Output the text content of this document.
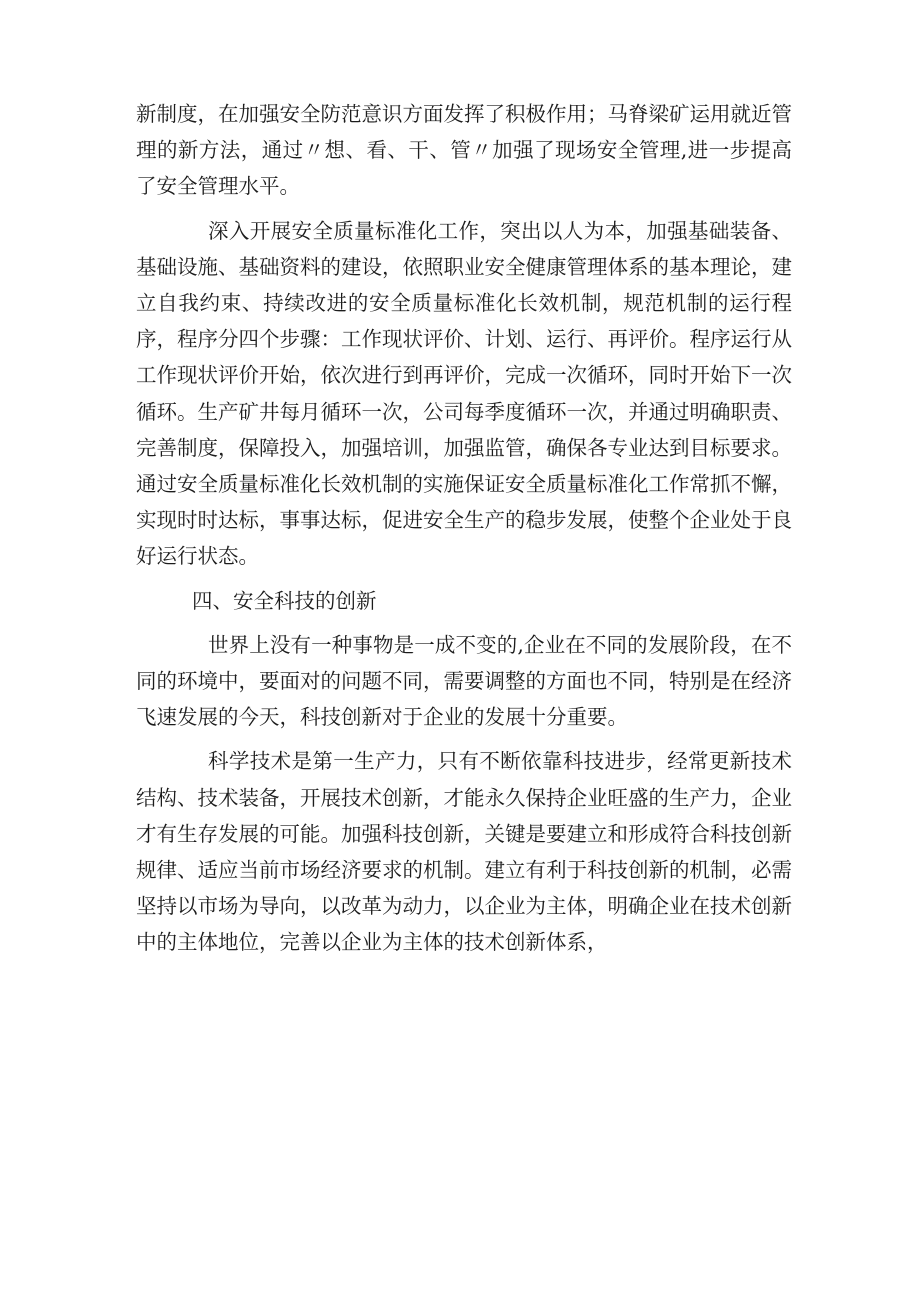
新制度，在加强安全防范意识方面发挥了积极作用；马脊梁矿运用就近管理的新方法，通过〃想、看、干、管〃加强了现场安全管理,进一步提高了安全管理水平。

深入开展安全质量标准化工作，突出以人为本，加强基础装备、基础设施、基础资料的建设，依照职业安全健康管理体系的基本理论，建立自我约束、持续改进的安全质量标准化长效机制，规范机制的运行程序，程序分四个步骤：工作现状评价、计划、运行、再评价。程序运行从工作现状评价开始，依次进行到再评价，完成一次循环，同时开始下一次循环。生产矿井每月循环一次，公司每季度循环一次，并通过明确职责、完善制度，保障投入，加强培训，加强监管，确保各专业达到目标要求。通过安全质量标准化长效机制的实施保证安全质量标准化工作常抓不懈，实现时时达标，事事达标，促进安全生产的稳步发展，使整个企业处于良好运行状态。

四、安全科技的创新

世界上没有一种事物是一成不变的,企业在不同的发展阶段，在不同的环境中，要面对的问题不同，需要调整的方面也不同，特别是在经济飞速发展的今天，科技创新对于企业的发展十分重要。

科学技术是第一生产力，只有不断依靠科技进步，经常更新技术结构、技术装备，开展技术创新，才能永久保持企业旺盛的生产力，企业才有生存发展的可能。加强科技创新，关键是要建立和形成符合科技创新规律、适应当前市场经济要求的机制。建立有利于科技创新的机制，必需坚持以市场为导向，以改革为动力，以企业为主体，明确企业在技术创新中的主体地位，完善以企业为主体的技术创新体系，
